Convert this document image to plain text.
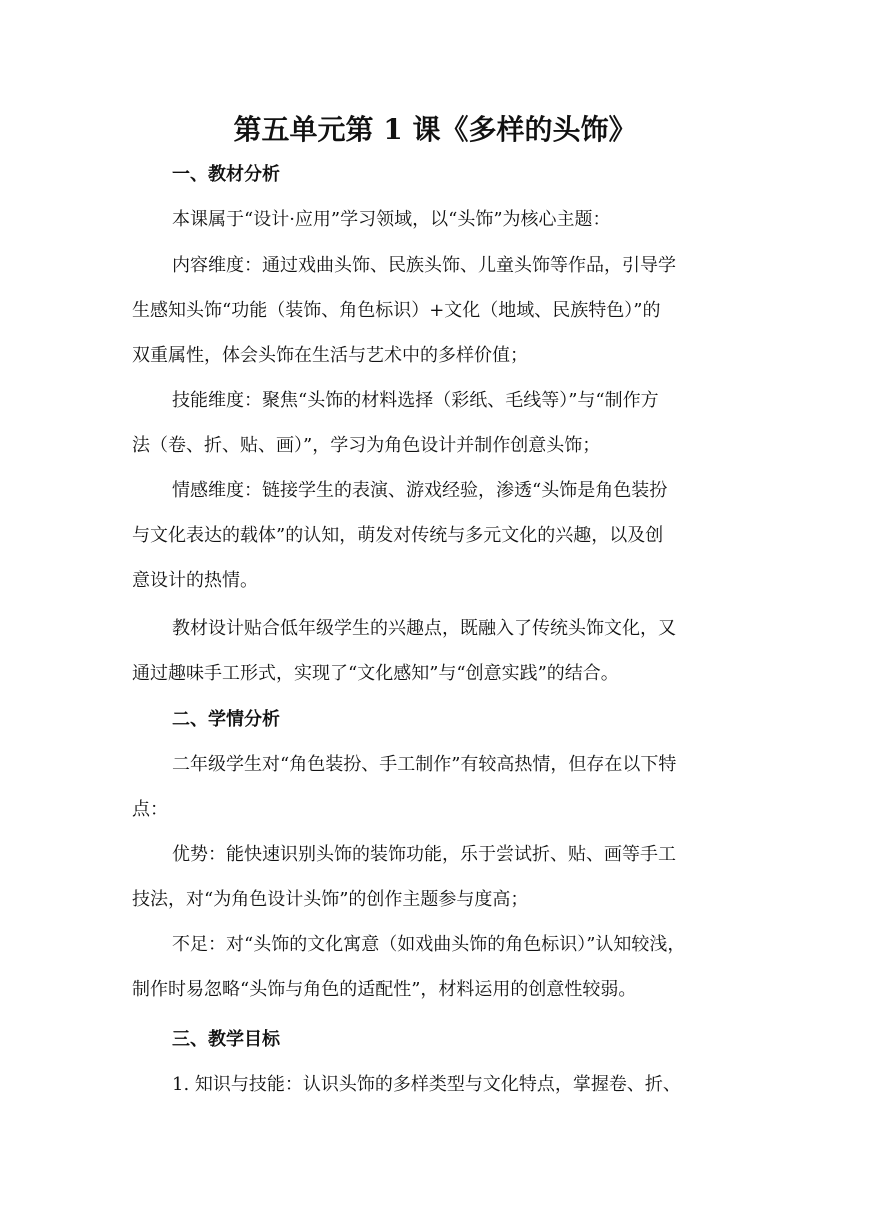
第五单元第 1 课《多样的头饰》
一、教材分析
本课属于“设计·应用”学习领域，以“头饰”为核心主题：
内容维度：通过戏曲头饰、民族头饰、儿童头饰等作品，引导学
生感知头饰“功能（装饰、角色标识）+文化（地域、民族特色）”的
双重属性，体会头饰在生活与艺术中的多样价值；
技能维度：聚焦“头饰的材料选择（彩纸、毛线等）”与“制作方
法（卷、折、贴、画）”，学习为角色设计并制作创意头饰；
情感维度：链接学生的表演、游戏经验，渗透“头饰是角色装扮
与文化表达的载体”的认知，萌发对传统与多元文化的兴趣，以及创
意设计的热情。
教材设计贴合低年级学生的兴趣点，既融入了传统头饰文化，又
通过趣味手工形式，实现了“文化感知”与“创意实践”的结合。
二、学情分析
二年级学生对“角色装扮、手工制作”有较高热情，但存在以下特
点：
优势：能快速识别头饰的装饰功能，乐于尝试折、贴、画等手工
技法，对“为角色设计头饰”的创作主题参与度高；
不足：对“头饰的文化寓意（如戏曲头饰的角色标识）”认知较浅，
制作时易忽略“头饰与角色的适配性”，材料运用的创意性较弱。
三、教学目标
1. 知识与技能：认识头饰的多样类型与文化特点，掌握卷、折、
